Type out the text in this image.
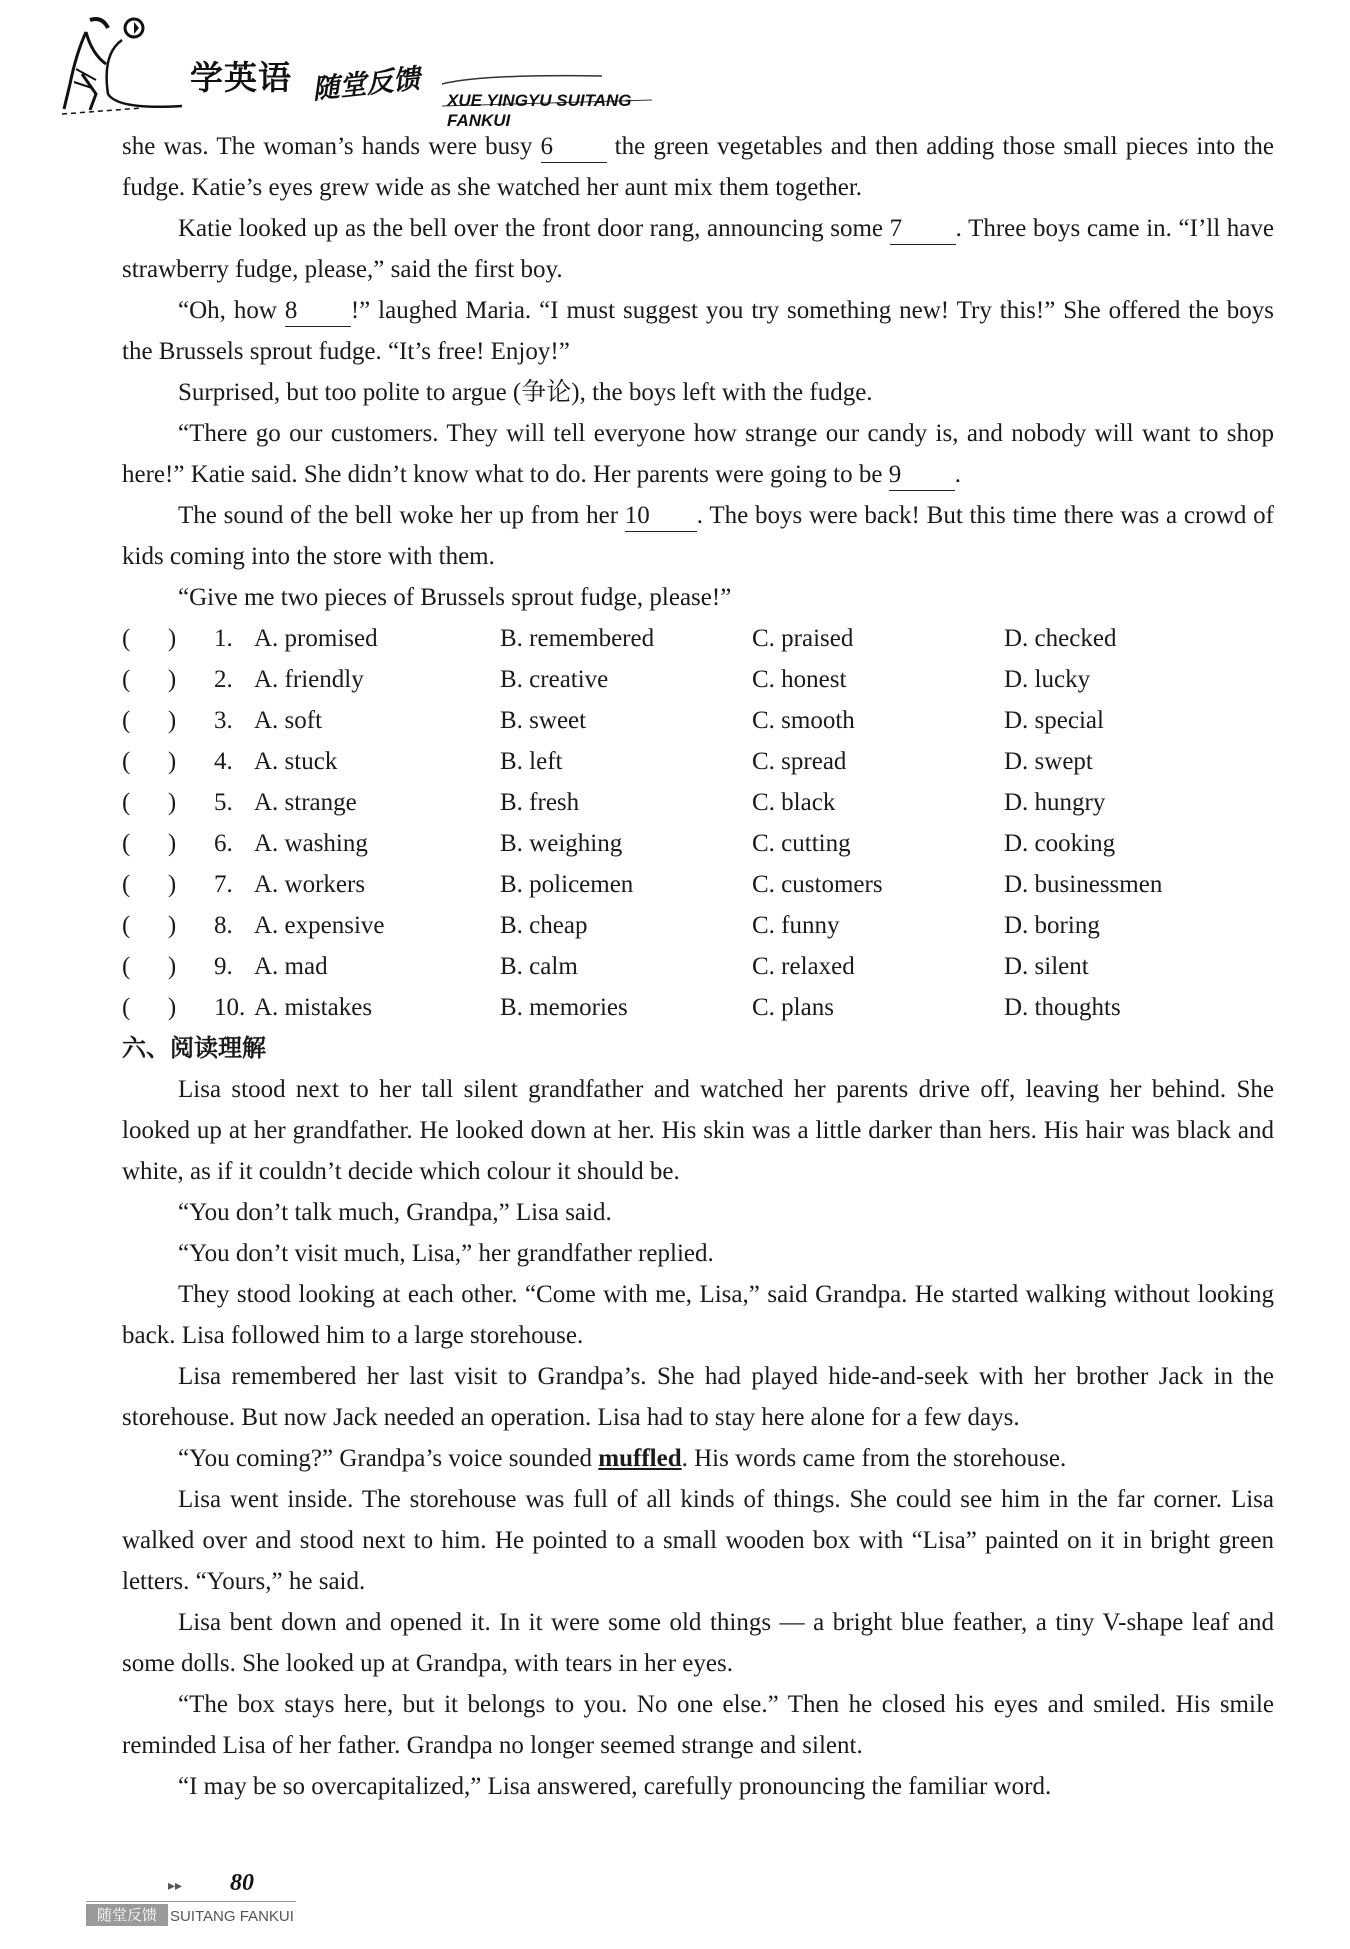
学英语 随堂反馈 XUE YINGYU SUITANG FANKUI

she was. The woman’s hands were busy 6 the green vegetables and then adding those small pieces into the fudge. Katie’s eyes grew wide as she watched her aunt mix them together.

Katie looked up as the bell over the front door rang, announcing some 7 . Three boys came in. “I’ll have strawberry fudge, please,” said the first boy.

“Oh, how 8 !” laughed Maria. “I must suggest you try something new! Try this!” She offered the boys the Brussels sprout fudge. “It’s free! Enjoy!”

Surprised, but too polite to argue (争论), the boys left with the fudge.

“There go our customers. They will tell everyone how strange our candy is, and nobody will want to shop here!” Katie said. She didn’t know what to do. Her parents were going to be 9 .

The sound of the bell woke her up from her 10 . The boys were back! But this time there was a crowd of kids coming into the store with them.

“Give me two pieces of Brussels sprout fudge, please!”

(      )	1. A. promised	B. remembered	C. praised	D. checked
(      )	2. A. friendly	B. creative	C. honest	D. lucky
(      )	3. A. soft	B. sweet	C. smooth	D. special
(      )	4. A. stuck	B. left	C. spread	D. swept
(      )	5. A. strange	B. fresh	C. black	D. hungry
(      )	6. A. washing	B. weighing	C. cutting	D. cooking
(      )	7. A. workers	B. policemen	C. customers	D. businessmen
(      )	8. A. expensive	B. cheap	C. funny	D. boring
(      )	9. A. mad	B. calm	C. relaxed	D. silent
(      )	10. A. mistakes	B. memories	C. plans	D. thoughts

六、阅读理解

Lisa stood next to her tall silent grandfather and watched her parents drive off, leaving her behind. She looked up at her grandfather. He looked down at her. His skin was a little darker than hers. His hair was black and white, as if it couldn’t decide which colour it should be.

“You don’t talk much, Grandpa,” Lisa said.

“You don’t visit much, Lisa,” her grandfather replied.

They stood looking at each other. “Come with me, Lisa,” said Grandpa. He started walking without looking back. Lisa followed him to a large storehouse.

Lisa remembered her last visit to Grandpa’s. She had played hide-and-seek with her brother Jack in the storehouse. But now Jack needed an operation. Lisa had to stay here alone for a few days.

“You coming?” Grandpa’s voice sounded muffled. His words came from the storehouse.

Lisa went inside. The storehouse was full of all kinds of things. She could see him in the far corner. Lisa walked over and stood next to him. He pointed to a small wooden box with “Lisa” painted on it in bright green letters. “Yours,” he said.

Lisa bent down and opened it. In it were some old things — a bright blue feather, a tiny V-shape leaf and some dolls. She looked up at Grandpa, with tears in her eyes.

“The box stays here, but it belongs to you. No one else.” Then he closed his eyes and smiled. His smile reminded Lisa of her father. Grandpa no longer seemed strange and silent.

“I may be so overcapitalized,” Lisa answered, carefully pronouncing the familiar word.

▸▸ 80
随堂反馈 SUITANG FANKUI
